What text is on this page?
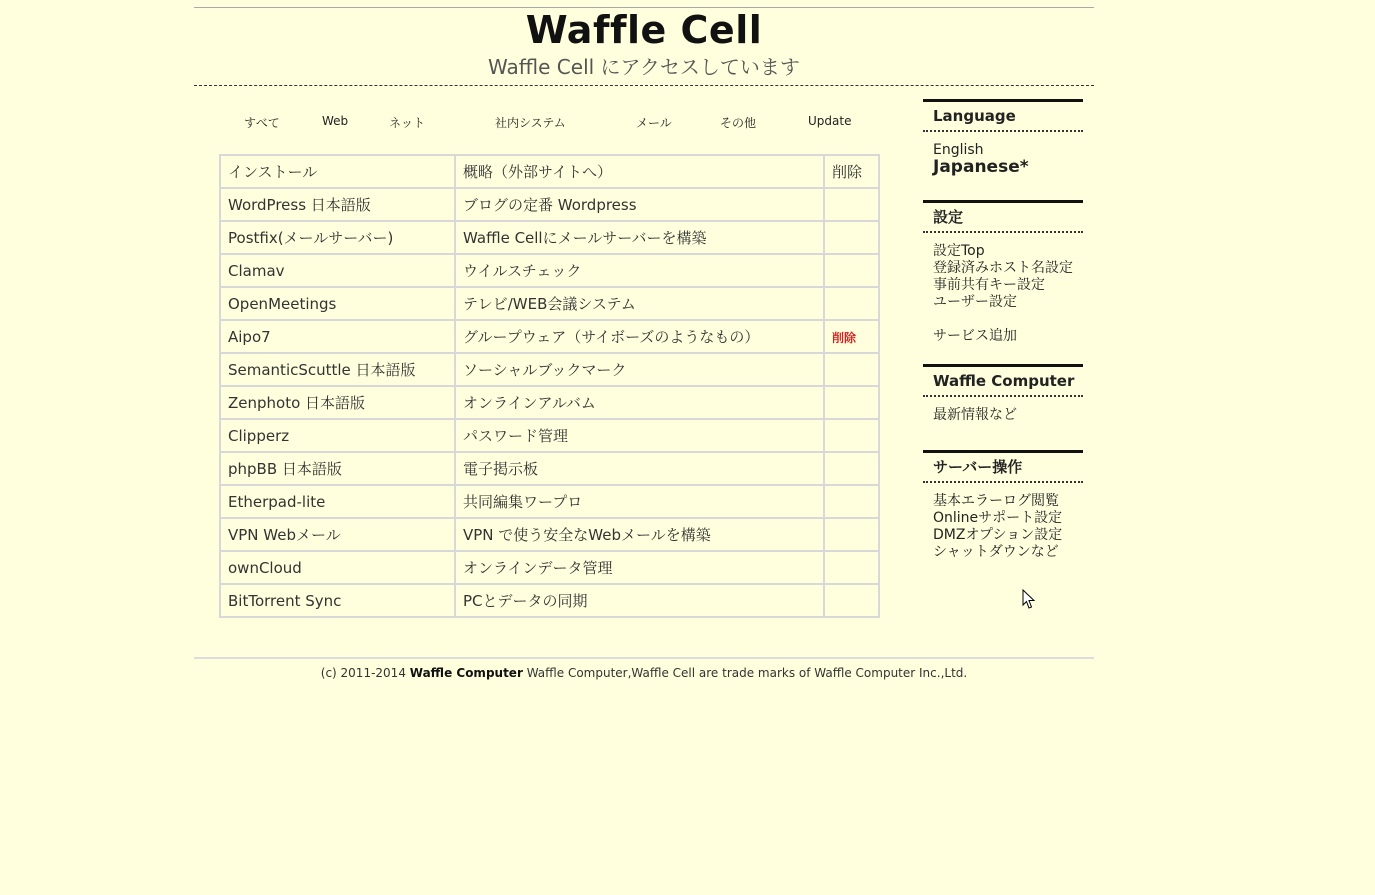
Waffle Cell
Waffle Cell にアクセスしています
すべて	Web	ネット	社内システム	メール	その他	Update
インストール	概略（外部サイトへ）	削除
WordPress 日本語版	ブログの定番 Wordpress	
Postfix(メールサーバー)	Waffle Cellにメールサーバーを構築	
Clamav	ウイルスチェック	
OpenMeetings	テレビ/WEB会議システム	
Aipo7	グループウェア（サイボーズのようなもの）	削除
SemanticScuttle 日本語版	ソーシャルブックマーク	
Zenphoto 日本語版	オンラインアルバム	
Clipperz	パスワード管理	
phpBB 日本語版	電子掲示板	
Etherpad-lite	共同編集ワープロ	
VPN Webメール	VPN で使う安全なWebメールを構築	
ownCloud	オンラインデータ管理	
BitTorrent Sync	PCとデータの同期	
Language
English
Japanese*
設定
設定Top
登録済みホスト名設定
事前共有キー設定
ユーザー設定
サービス追加
Waffle Computer
最新情報など
サーバー操作
基本エラーログ閲覧
Onlineサポート設定
DMZオプション設定
シャットダウンなど
(c) 2011-2014 Waffle Computer Waffle Computer,Waffle Cell are trade marks of Waffle Computer Inc.,Ltd.
